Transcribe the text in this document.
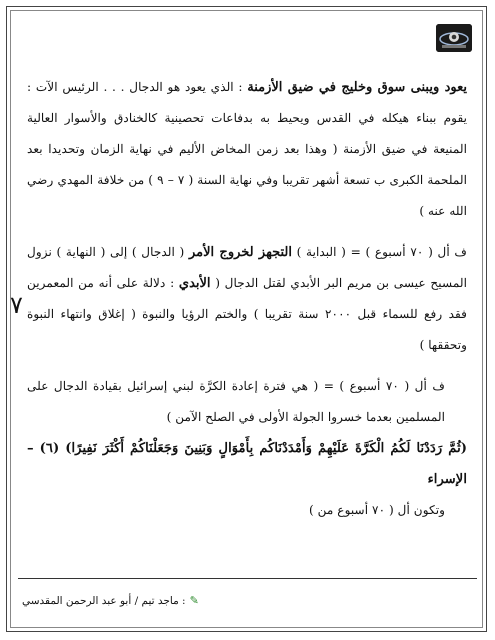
٧

يعود ويبنى سوق وخليج في ضيق الأزمنة : الذي يعود هو الدجال . . . الرئيس الآت : يقوم ببناء هيكله في القدس ويحيط به بدفاعات تحصينية كالخنادق والأسوار العالية المنيعة في ضيق الأزمنة ( وهذا بعد زمن المخاض الأليم في نهاية الزمان وتحديدا بعد الملحمة الكبرى ب تسعة أشهر تقريبا وفي نهاية السنة ( ٧ – ٩ ) من خلافة المهدي رضي الله عنه )

ف أل ( ٧٠ أسبوع ) = ( البداية ) التجهز لخروج الأمر ( الدجال ) إلى ( النهاية ) نزول المسيح عيسى بن مريم البر الأبدي لقتل الدجال ( الأبدي : دلالة على أنه من المعمرين فقد رفع للسماء قبل ٢٠٠٠ سنة تقريبا ) والختم الرؤيا والنبوة ( إغلاق وانتهاء النبوة وتحققها )

ف أل ( ٧٠ أسبوع ) = ( هي فترة إعادة الكرَّة لبني إسرائيل بقيادة الدجال على المسلمين بعدما خسروا الجولة الأولى في الصلح الآمن )

(ثُمَّ رَدَدْنَا لَكُمُ الْكَرَّةَ عَلَيْهِمْ وَأَمْدَدْنَاكُم بِأَمْوَالٍ وَبَنِينَ وَجَعَلْنَاكُمْ أَكْثَرَ نَفِيرًا) (٦) – الإسراء

وتكون أل ( ٧٠ أسبوع من )

✎
: ماجد تيم / أبو عبد الرحمن المقدسي
